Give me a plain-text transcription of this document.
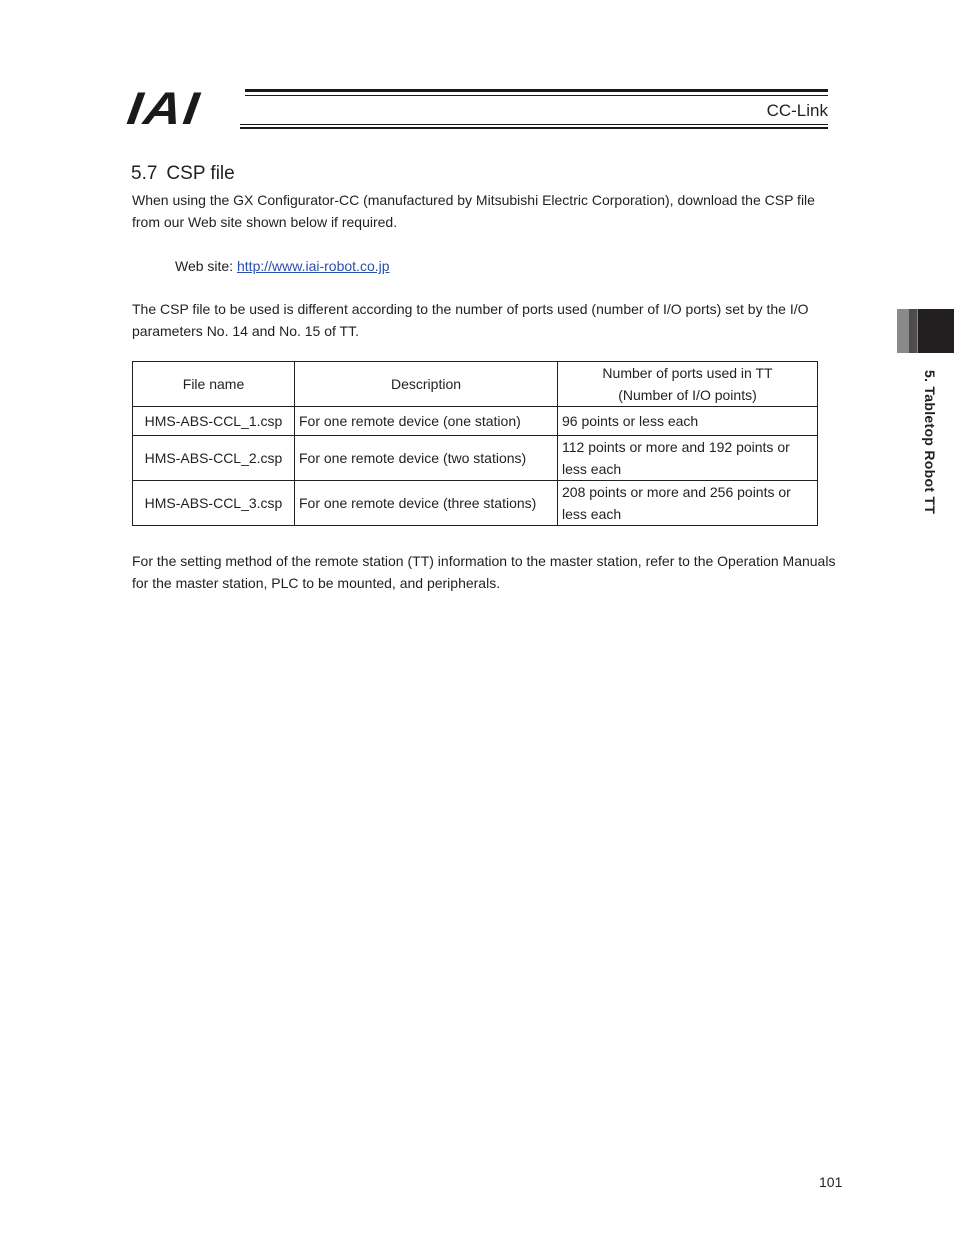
IAI	CC-Link
5.7 CSP file

When using the GX Configurator-CC (manufactured by Mitsubishi Electric Corporation), download the CSP file from our Web site shown below if required.

Web site: http://www.iai-robot.co.jp

The CSP file to be used is different according to the number of ports used (number of I/O ports) set by the I/O parameters No. 14 and No. 15 of TT.

File name	Description	Number of ports used in TT
(Number of I/O points)

HMS-ABS-CCL_1.csp	For one remote device (one station)	96 points or less each

HMS-ABS-CCL_2.csp	For one remote device (two stations)	112 points or more and 192 points or
less each

HMS-ABS-CCL_3.csp	For one remote device (three stations)	208 points or more and 256 points or
less each

For the setting method of the remote station (TT) information to the master station, refer to the Operation Manuals for the master station, PLC to be mounted, and peripherals.

5. Tabletop Robot TT
101
